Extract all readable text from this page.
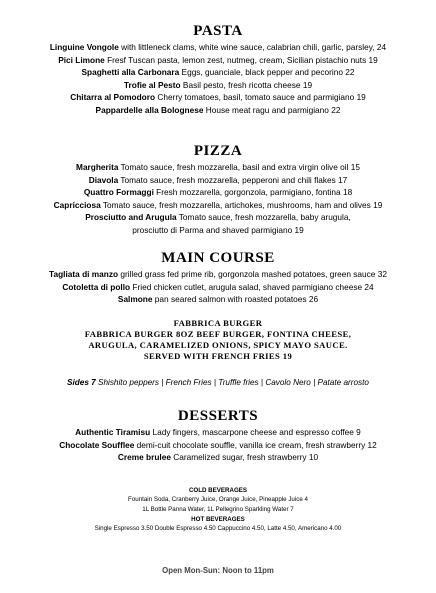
PASTA
Linguine Vongole with littleneck clams, white wine sauce, calabrian chili, garlic, parsley, 24
Pici Limone Fresf Tuscan pasta, lemon zest, nutmeg, cream, Sicilian pistachio nuts 19
Spaghetti alla Carbonara Eggs, guanciale, black pepper and pecorino 22
Trofie al Pesto Basil pesto, fresh ricotta cheese 19
Chitarra al Pomodoro Cherry tomatoes, basil, tomato sauce and parmigiano 19
Pappardelle alla Bolognese House meat ragu and parmigiano 22
PIZZA
Margherita Tomato sauce, fresh mozzarella, basil and extra virgin olive oil 15
Diavola Tomato sauce, fresh mozzarella, pepperoni and chili flakes 17
Quattro Formaggi Fresh mozzarella, gorgonzola, parmigiano, fontina 18
Capricciosa Tomato sauce, fresh mozzarella, artichokes, mushrooms, ham and olives 19
Prosciutto and Arugula Tomato sauce, fresh mozzarella, baby arugula,
prosciutto di Parma and shaved parmigiano 19
MAIN COURSE
Tagliata di manzo grilled grass fed prime rib, gorgonzola mashed potatoes, green sauce 32
Cotoletta di pollo Fried chicken cutlet, arugula salad, shaved parmigiano cheese 24
Salmone pan seared salmon with roasted potatoes 26
FABBRICA BURGER
FABBRICA BURGER 8OZ BEEF BURGER, FONTINA CHEESE,
ARUGULA, CARAMELIZED ONIONS, SPICY MAYO SAUCE.
SERVED WITH FRENCH FRIES 19
Sides 7 Shishito peppers | French Fries | Truffle fries | Cavolo Nero | Patate arrosto
DESSERTS
Authentic Tiramisu Lady fingers, mascarpone cheese and espresso coffee 9
Chocolate Soufflee demi-cuit chocolate souffle, vanilla ice cream, fresh strawberry 12
Creme brulee Caramelized sugar, fresh strawberry 10
COLD BEVERAGES
Fountain Soda, Cranberry Juice, Orange Juice, Pineapple Juice 4
1L Bottle Panna Water, 1L Pellegrino Sparkling Water 7
HOT BEVERAGES
Single Espresso 3.50 Double Espresso 4.50 Cappuccino 4.50, Latte 4.50, Americano 4.00
Open Mon-Sun: Noon to 11pm
